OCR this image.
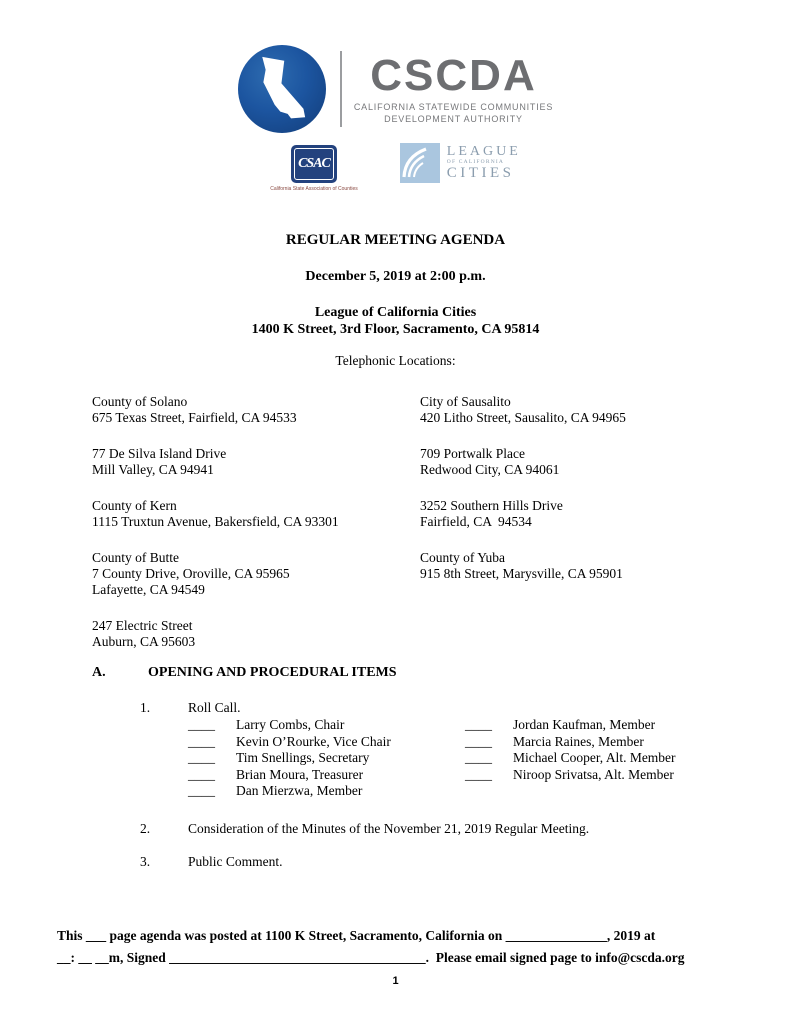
CSCDA
CALIFORNIA STATEWIDE COMMUNITIES
DEVELOPMENT AUTHORITY
CSAC
California State Association of Counties
LEAGUE
OF CALIFORNIA
CITIES
REGULAR MEETING AGENDA
December 5, 2019 at 2:00 p.m.
League of California Cities
1400 K Street, 3rd Floor, Sacramento, CA 95814
Telephonic Locations:
County of Solano
675 Texas Street, Fairfield, CA 94533
City of Sausalito
420 Litho Street, Sausalito, CA 94965
77 De Silva Island Drive
Mill Valley, CA 94941
709 Portwalk Place
Redwood City, CA 94061
County of Kern
1115 Truxtun Avenue, Bakersfield, CA 93301
3252 Southern Hills Drive
Fairfield, CA  94534
County of Butte
7 County Drive, Oroville, CA 95965
Lafayette, CA 94549
County of Yuba
915 8th Street, Marysville, CA 95901
247 Electric Street
Auburn, CA 95603
A.	OPENING AND PROCEDURAL ITEMS
1.	Roll Call.
____ Larry Combs, Chair
____ Kevin O’Rourke, Vice Chair
____ Tim Snellings, Secretary
____ Brian Moura, Treasurer
____ Dan Mierzwa, Member
____ Jordan Kaufman, Member
____ Marcia Raines, Member
____ Michael Cooper, Alt. Member
____ Niroop Srivatsa, Alt. Member
2.	Consideration of the Minutes of the November 21, 2019 Regular Meeting.
3.	Public Comment.
This ___ page agenda was posted at 1100 K Street, Sacramento, California on _______________, 2019 at
__: __ __m, Signed ______________________________________.  Please email signed page to info@cscda.org
1
